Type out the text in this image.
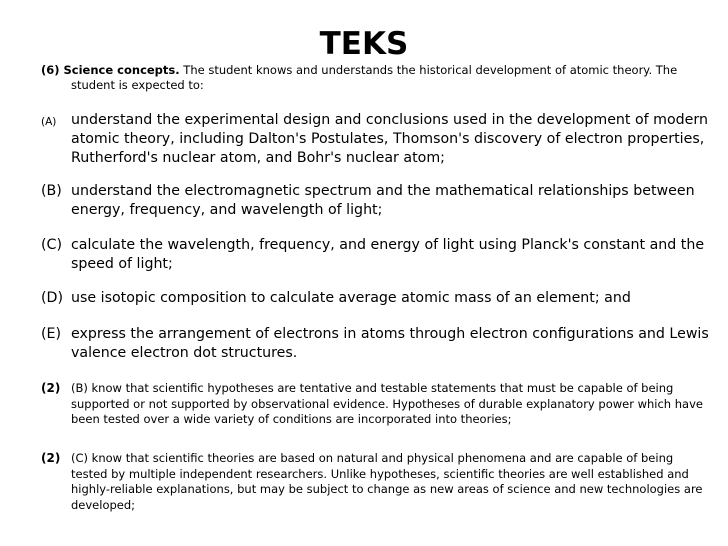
TEKS
(6) Science concepts. The student knows and understands the historical development of atomic theory. The student is expected to:
(A) understand the experimental design and conclusions used in the development of modern atomic theory, including Dalton's Postulates, Thomson's discovery of electron properties, Rutherford's nuclear atom, and Bohr's nuclear atom;
(B) understand the electromagnetic spectrum and the mathematical relationships between energy, frequency, and wavelength of light;
(C) calculate the wavelength, frequency, and energy of light using Planck's constant and the speed of light;
(D) use isotopic composition to calculate average atomic mass of an element; and
(E) express the arrangement of electrons in atoms through electron configurations and Lewis valence electron dot structures.
(2) (B) know that scientific hypotheses are tentative and testable statements that must be capable of being supported or not supported by observational evidence. Hypotheses of durable explanatory power which have been tested over a wide variety of conditions are incorporated into theories;
(2) (C) know that scientific theories are based on natural and physical phenomena and are capable of being tested by multiple independent researchers. Unlike hypotheses, scientific theories are well established and highly-reliable explanations, but may be subject to change as new areas of science and new technologies are developed;
